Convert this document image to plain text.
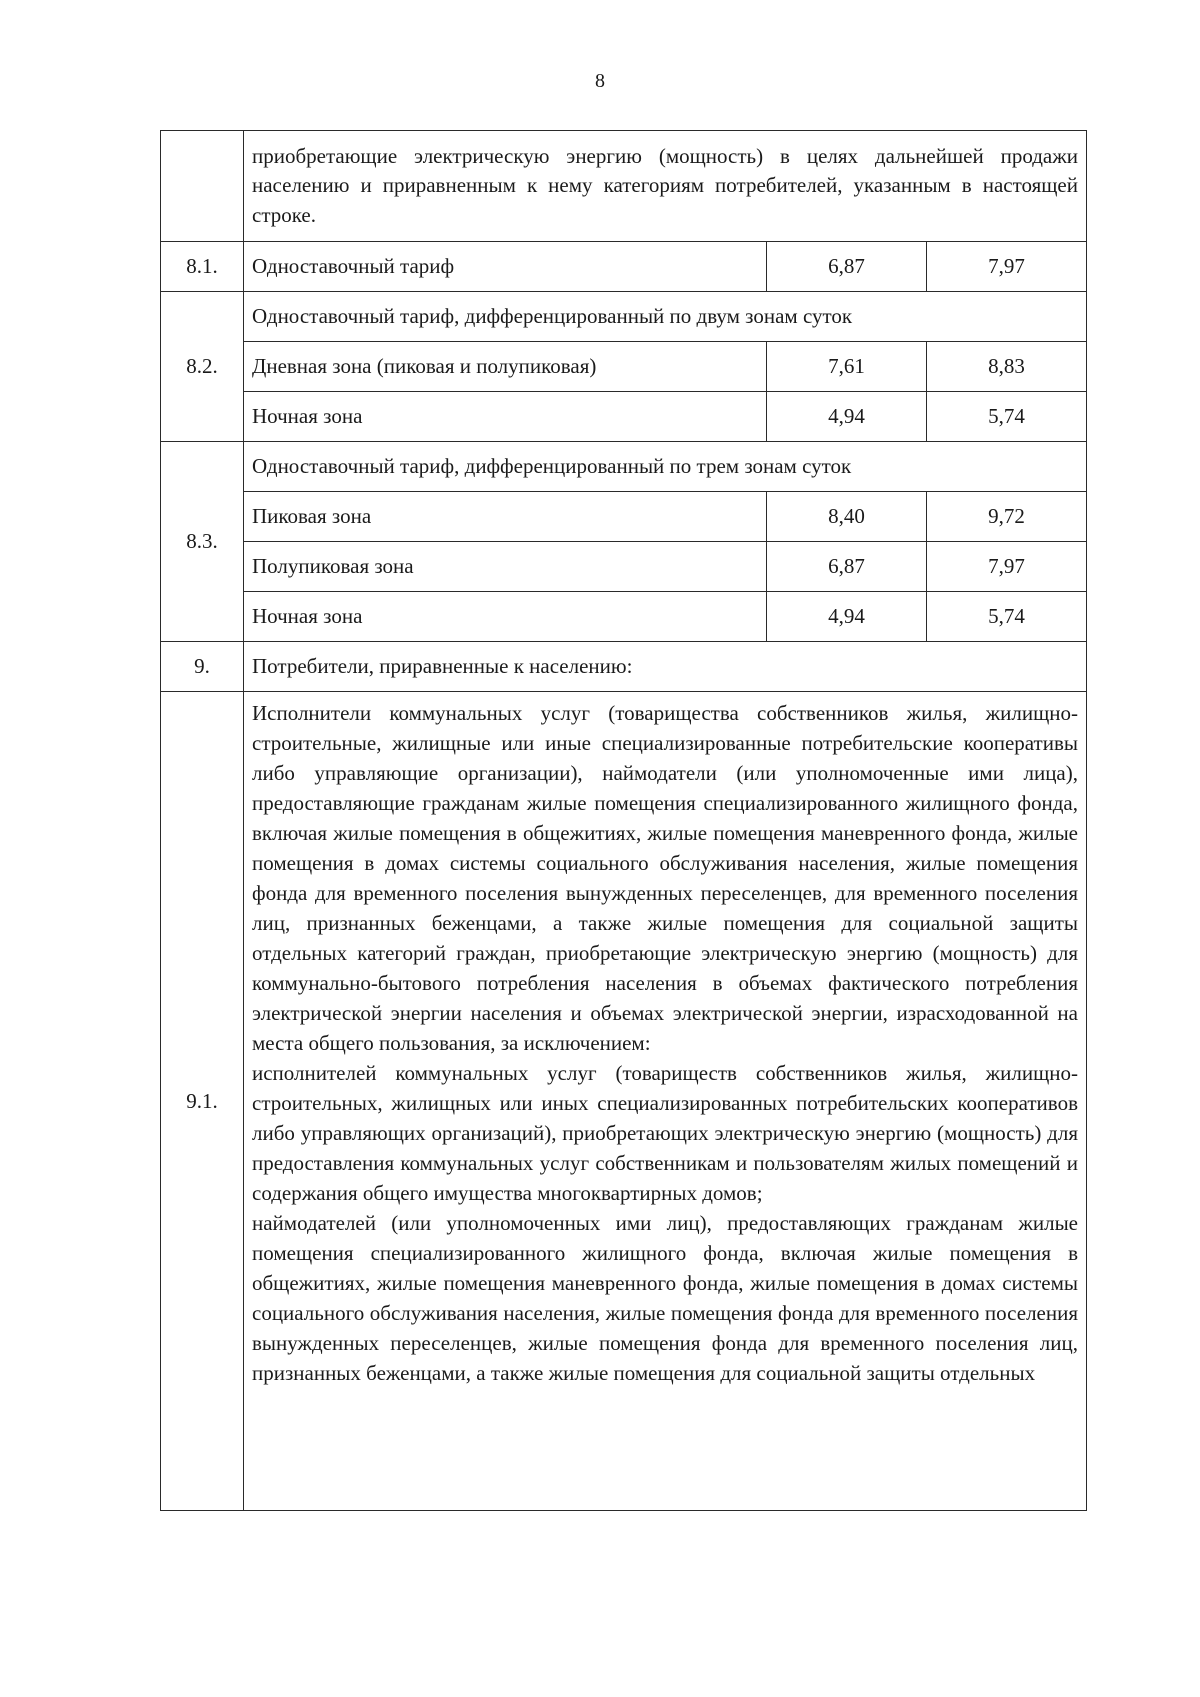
8
	приобретающие электрическую энергию (мощность) в целях дальнейшей продажи населению и приравненным к нему категориям потребителей, указанным в настоящей строке.		
8.1.	Одноставочный тариф	6,87	7,97
8.2.	Одноставочный тариф, дифференцированный по двум зонам суток		
	Дневная зона (пиковая и полупиковая)	7,61	8,83
	Ночная зона	4,94	5,74
8.3.	Одноставочный тариф, дифференцированный по трем зонам суток		
	Пиковая зона	8,40	9,72
	Полупиковая зона	6,87	7,97
	Ночная зона	4,94	5,74
9.	Потребители, приравненные к населению:		
9.1.	Исполнители коммунальных услуг (товарищества собственников жилья, жилищно-строительные, жилищные или иные специализированные потребительские кооперативы либо управляющие организации), наймодатели (или уполномоченные ими лица), предоставляющие гражданам жилые помещения специализированного жилищного фонда, включая жилые помещения в общежитиях, жилые помещения маневренного фонда, жилые помещения в домах системы социального обслуживания населения, жилые помещения фонда для временного поселения вынужденных переселенцев, для временного поселения лиц, признанных беженцами, а также жилые помещения для социальной защиты отдельных категорий граждан, приобретающие электрическую энергию (мощность) для коммунально-бытового потребления населения в объемах фактического потребления электрической энергии населения и объемах электрической энергии, израсходованной на места общего пользования, за исключением:

исполнителей коммунальных услуг (товариществ собственников жилья, жилищно-строительных, жилищных или иных специализированных потребительских кооперативов либо управляющих организаций), приобретающих электрическую энергию (мощность) для предоставления коммунальных услуг собственникам и пользователям жилых помещений и содержания общего имущества многоквартирных домов;

наймодателей (или уполномоченных ими лиц), предоставляющих гражданам жилые помещения специализированного жилищного фонда, включая жилые помещения в общежитиях, жилые помещения маневренного фонда, жилые помещения в домах системы социального обслуживания населения, жилые помещения фонда для временного поселения вынужденных переселенцев, жилые помещения фонда для временного поселения лиц, признанных беженцами, а также жилые помещения для социальной защиты отдельных		
